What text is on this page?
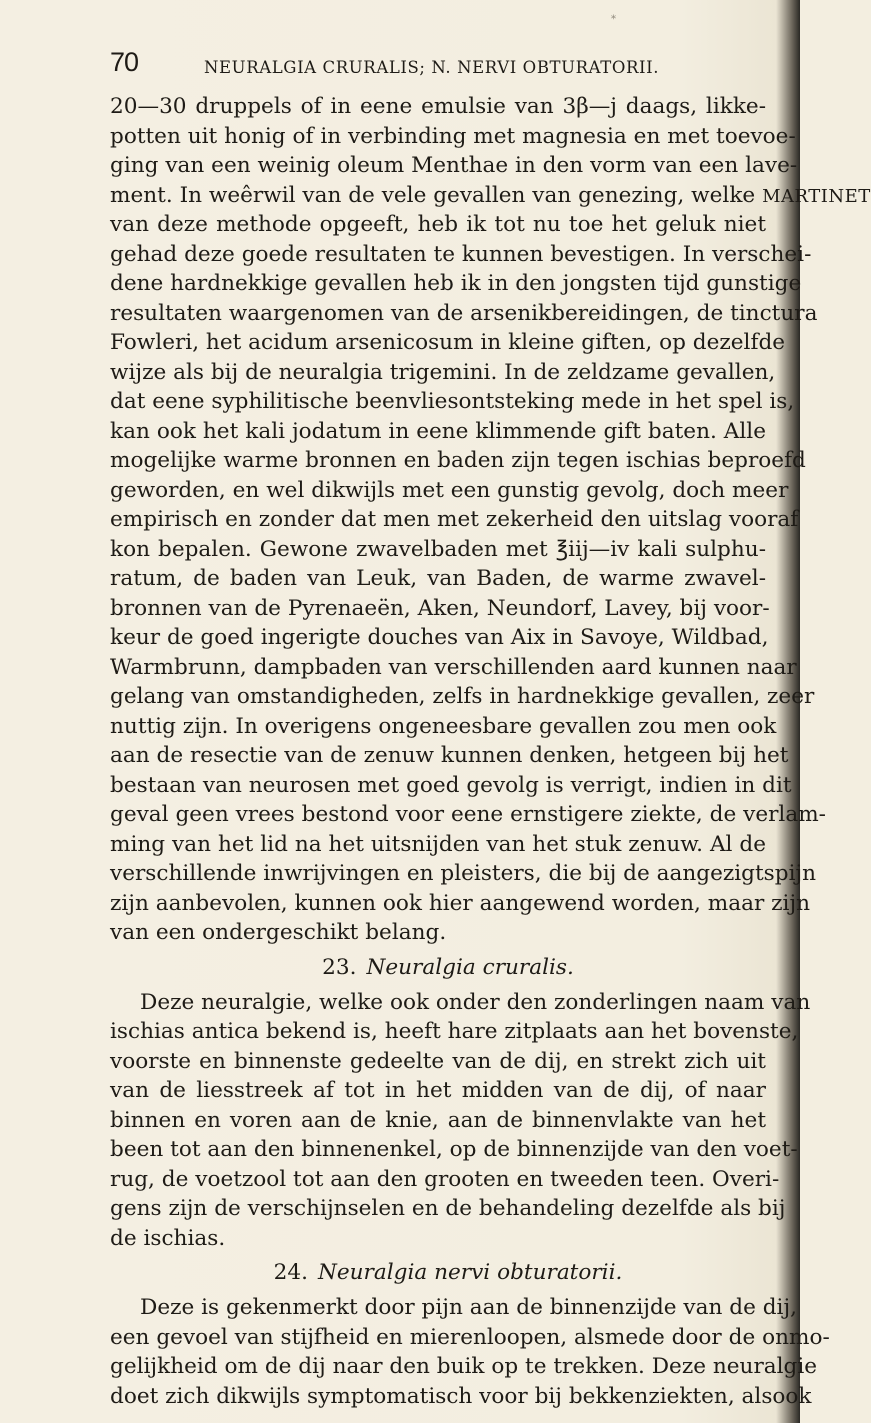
*
70	NEURALGIA CRURALIS; N. NERVI OBTURATORII.
20—30 druppels of in eene emulsie van 3β—j daags, likke-
potten uit honig of in verbinding met magnesia en met toevoe-
ging van een weinig oleum Menthae in den vorm van een lave-
ment. In weêrwil van de vele gevallen van genezing, welke MARTINET
van deze methode opgeeft, heb ik tot nu toe het geluk niet
gehad deze goede resultaten te kunnen bevestigen. In verschei-
dene hardnekkige gevallen heb ik in den jongsten tijd gunstige
resultaten waargenomen van de arsenikbereidingen, de tinctura
Fowleri, het acidum arsenicosum in kleine giften, op dezelfde
wijze als bij de neuralgia trigemini. In de zeldzame gevallen,
dat eene syphilitische beenvliesontsteking mede in het spel is,
kan ook het kali jodatum in eene klimmende gift baten. Alle
mogelijke warme bronnen en baden zijn tegen ischias beproefd
geworden, en wel dikwijls met een gunstig gevolg, doch meer
empirisch en zonder dat men met zekerheid den uitslag vooraf
kon bepalen. Gewone zwavelbaden met ℥iij—iv kali sulphu-
ratum, de baden van Leuk, van Baden, de warme zwavel-
bronnen van de Pyrenaeën, Aken, Neundorf, Lavey, bij voor-
keur de goed ingerigte douches van Aix in Savoye, Wildbad,
Warmbrunn, dampbaden van verschillenden aard kunnen naar
gelang van omstandigheden, zelfs in hardnekkige gevallen, zeer
nuttig zijn. In overigens ongeneesbare gevallen zou men ook
aan de resectie van de zenuw kunnen denken, hetgeen bij het
bestaan van neurosen met goed gevolg is verrigt, indien in dit
geval geen vrees bestond voor eene ernstigere ziekte, de verlam-
ming van het lid na het uitsnijden van het stuk zenuw. Al de
verschillende inwrijvingen en pleisters, die bij de aangezigtspijn
zijn aanbevolen, kunnen ook hier aangewend worden, maar zijn
van een ondergeschikt belang.
23. Neuralgia cruralis.
Deze neuralgie, welke ook onder den zonderlingen naam van
ischias antica bekend is, heeft hare zitplaats aan het bovenste,
voorste en binnenste gedeelte van de dij, en strekt zich uit
van de liesstreek af tot in het midden van de dij, of naar
binnen en voren aan de knie, aan de binnenvlakte van het
been tot aan den binnenenkel, op de binnenzijde van den voet-
rug, de voetzool tot aan den grooten en tweeden teen. Overi-
gens zijn de verschijnselen en de behandeling dezelfde als bij
de ischias.
24. Neuralgia nervi obturatorii.
Deze is gekenmerkt door pijn aan de binnenzijde van de dij,
een gevoel van stijfheid en mierenloopen, alsmede door de onmo-
gelijkheid om de dij naar den buik op te trekken. Deze neuralgie
doet zich dikwijls symptomatisch voor bij bekkenziekten, alsook
